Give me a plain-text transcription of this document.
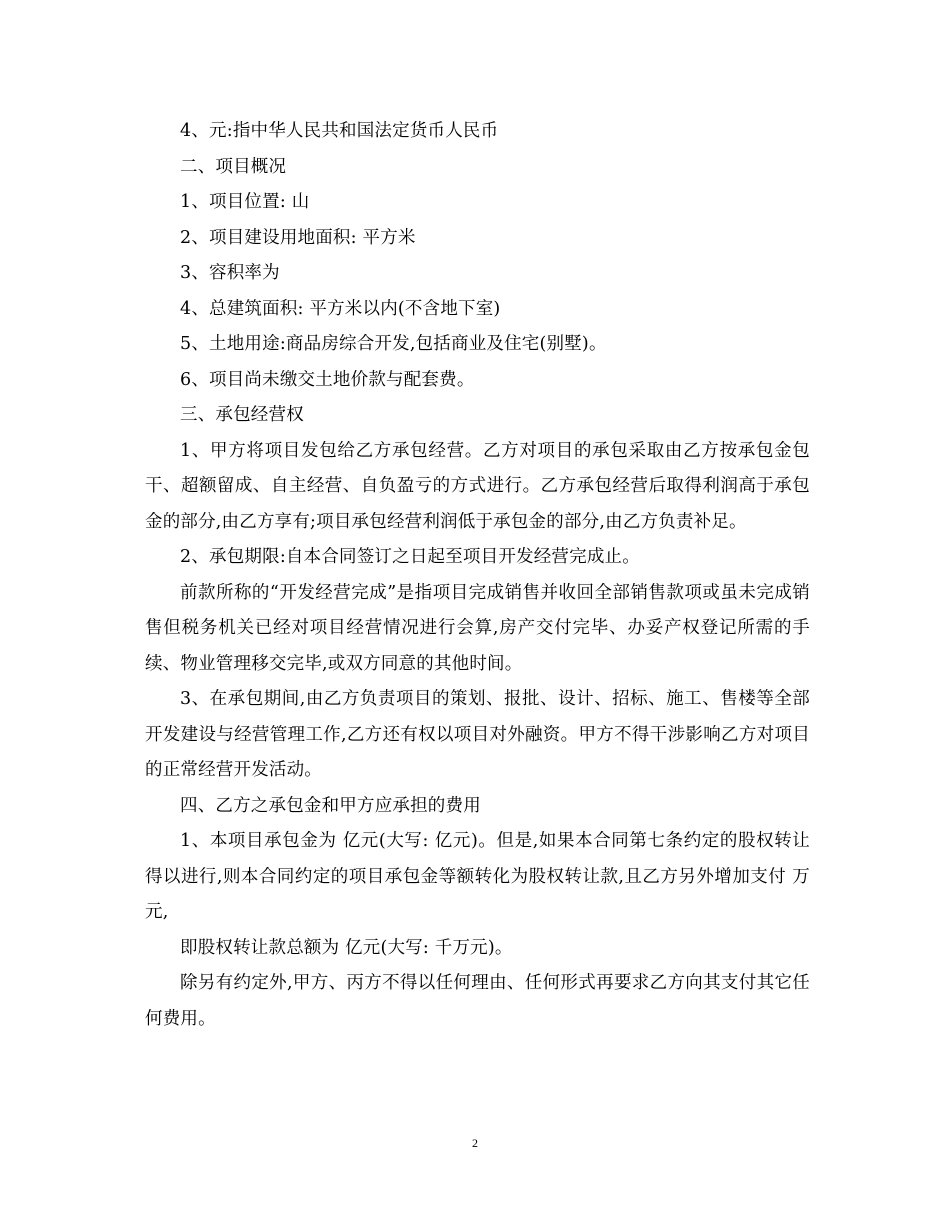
4、元:指中华人民共和国法定货币人民币

二、项目概况

1、项目位置: 山

2、项目建设用地面积: 平方米

3、容积率为

4、总建筑面积: 平方米以内(不含地下室)

5、土地用途:商品房综合开发,包括商业及住宅(别墅)。

6、项目尚未缴交土地价款与配套费。

三、承包经营权

1、甲方将项目发包给乙方承包经营。乙方对项目的承包采取由乙方按承包金包干、超额留成、自主经营、自负盈亏的方式进行。乙方承包经营后取得利润高于承包金的部分,由乙方享有;项目承包经营利润低于承包金的部分,由乙方负责补足。

2、承包期限:自本合同签订之日起至项目开发经营完成止。

前款所称的“开发经营完成”是指项目完成销售并收回全部销售款项或虽未完成销售但税务机关已经对项目经营情况进行会算,房产交付完毕、办妥产权登记所需的手续、物业管理移交完毕,或双方同意的其他时间。

3、在承包期间,由乙方负责项目的策划、报批、设计、招标、施工、售楼等全部开发建设与经营管理工作,乙方还有权以项目对外融资。甲方不得干涉影响乙方对项目的正常经营开发活动。

四、乙方之承包金和甲方应承担的费用

1、本项目承包金为 亿元(大写: 亿元)。但是,如果本合同第七条约定的股权转让得以进行,则本合同约定的项目承包金等额转化为股权转让款,且乙方另外增加支付 万元,

即股权转让款总额为 亿元(大写: 千万元)。

除另有约定外,甲方、丙方不得以任何理由、任何形式再要求乙方向其支付其它任何费用。

2
